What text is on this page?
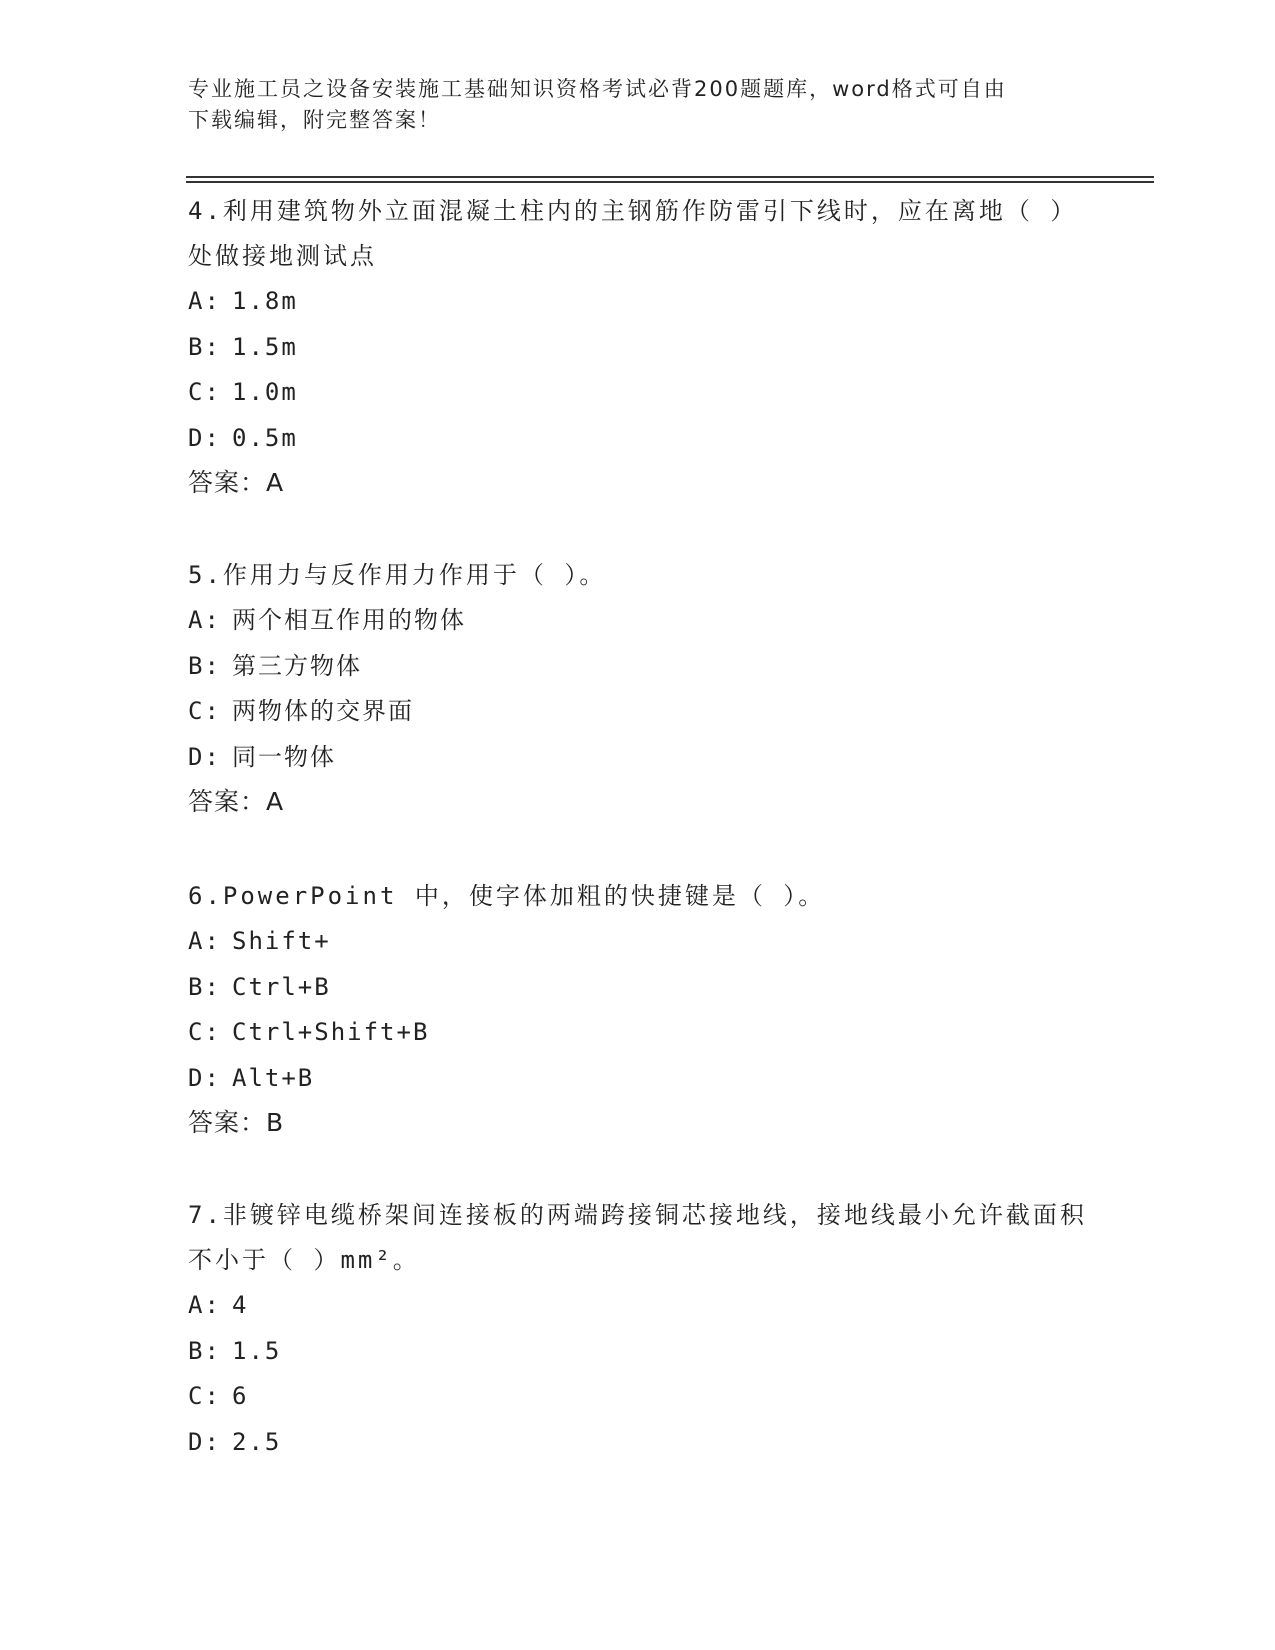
专业施工员之设备安装施工基础知识资格考试必背200题题库，word格式可自由
下载编辑，附完整答案！

4.利用建筑物外立面混凝土柱内的主钢筋作防雷引下线时，应在离地（ ）处做接地测试点

A: 1.8m
B: 1.5m
C: 1.0m
D: 0.5m
答案：A

5.作用力与反作用力作用于（ ）。

A: 两个相互作用的物体
B: 第三方物体
C: 两物体的交界面
D: 同一物体
答案：A

6.PowerPoint 中，使字体加粗的快捷键是（ ）。

A: Shift+
B: Ctrl+B
C: Ctrl+Shift+B
D: Alt+B
答案：B

7.非镀锌电缆桥架间连接板的两端跨接铜芯接地线，接地线最小允许截面积不小于（ ）mm²。

A: 4
B: 1.5
C: 6
D: 2.5
